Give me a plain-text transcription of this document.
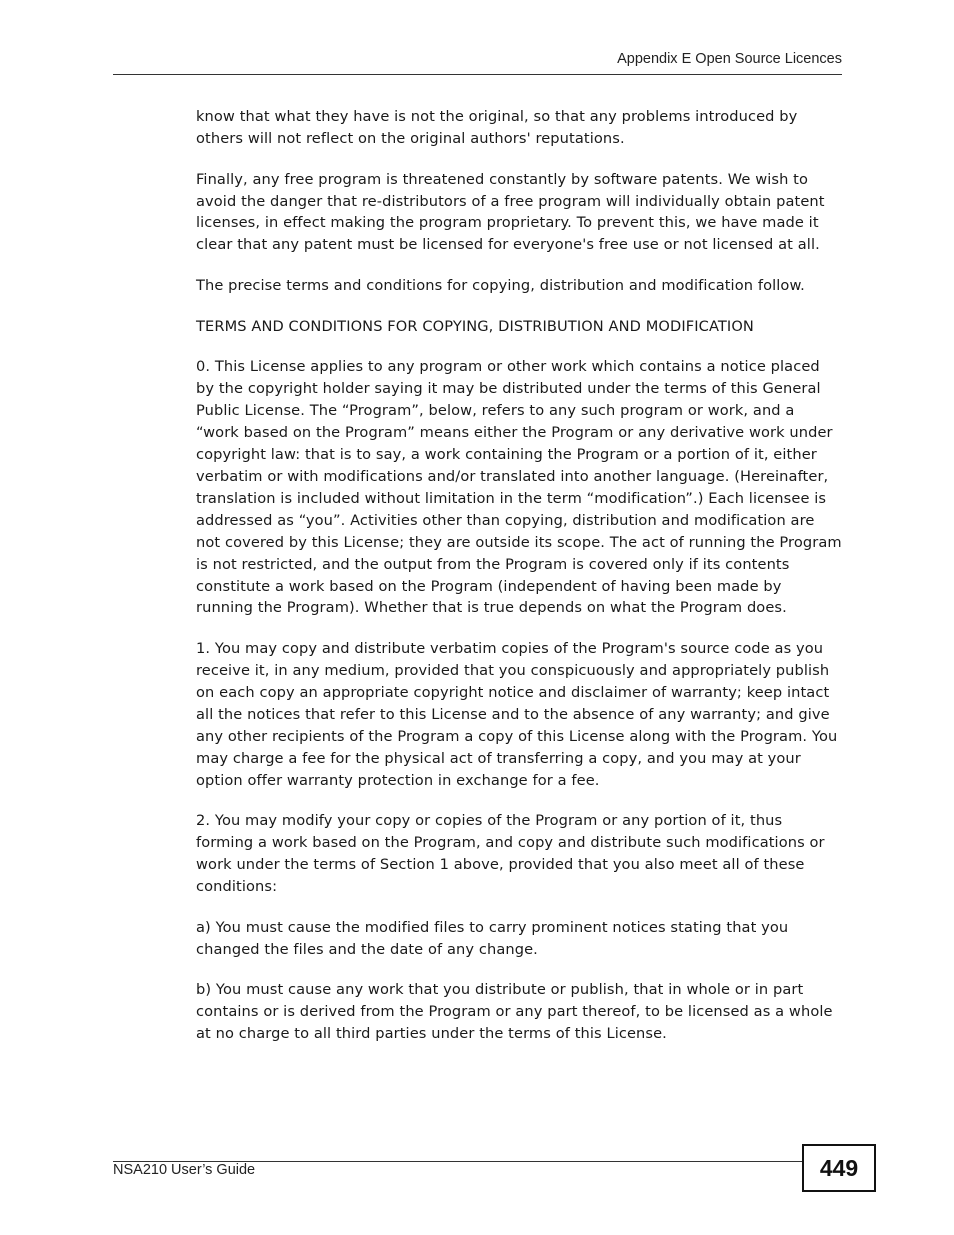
Appendix E Open Source Licences

know that what they have is not the original, so that any problems introduced by others will not reflect on the original authors' reputations.

Finally, any free program is threatened constantly by software patents. We wish to avoid the danger that re-distributors of a free program will individually obtain patent licenses, in effect making the program proprietary. To prevent this, we have made it clear that any patent must be licensed for everyone's free use or not licensed at all.

The precise terms and conditions for copying, distribution and modification follow.

TERMS AND CONDITIONS FOR COPYING, DISTRIBUTION AND MODIFICATION

0. This License applies to any program or other work which contains a notice placed by the copyright holder saying it may be distributed under the terms of this General Public License. The “Program”, below, refers to any such program or work, and a “work based on the Program” means either the Program or any derivative work under copyright law: that is to say, a work containing the Program or a portion of it, either verbatim or with modifications and/or translated into another language. (Hereinafter, translation is included without limitation in the term “modification”.) Each licensee is addressed as “you”. Activities other than copying, distribution and modification are not covered by this License; they are outside its scope. The act of running the Program is not restricted, and the output from the Program is covered only if its contents constitute a work based on the Program (independent of having been made by running the Program). Whether that is true depends on what the Program does.

1. You may copy and distribute verbatim copies of the Program's source code as you receive it, in any medium, provided that you conspicuously and appropriately publish on each copy an appropriate copyright notice and disclaimer of warranty; keep intact all the notices that refer to this License and to the absence of any warranty; and give any other recipients of the Program a copy of this License along with the Program. You may charge a fee for the physical act of transferring a copy, and you may at your option offer warranty protection in exchange for a fee.

2. You may modify your copy or copies of the Program or any portion of it, thus forming a work based on the Program, and copy and distribute such modifications or work under the terms of Section 1 above, provided that you also meet all of these conditions:

a) You must cause the modified files to carry prominent notices stating that you changed the files and the date of any change.

b) You must cause any work that you distribute or publish, that in whole or in part contains or is derived from the Program or any part thereof, to be licensed as a whole at no charge to all third parties under the terms of this License.

NSA210 User’s Guide	449
